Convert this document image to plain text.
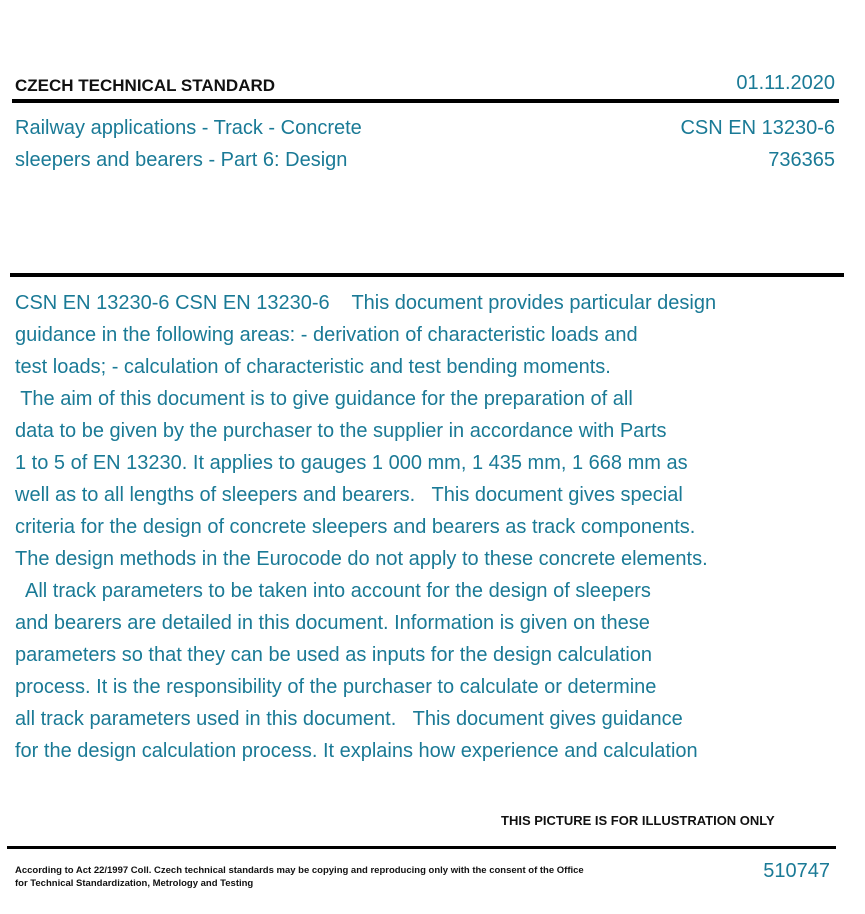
CZECH TECHNICAL STANDARD	01.11.2020
Railway applications - Track - Concrete
sleepers and bearers - Part 6: Design
CSN EN 13230-6
736365
CSN EN 13230-6 CSN EN 13230-6    This document provides particular design
guidance in the following areas: - derivation of characteristic loads and
test loads; - calculation of characteristic and test bending moments.
The aim of this document is to give guidance for the preparation of all
data to be given by the purchaser to the supplier in accordance with Parts
1 to 5 of EN 13230. It applies to gauges 1 000 mm, 1 435 mm, 1 668 mm as
well as to all lengths of sleepers and bearers.   This document gives special
criteria for the design of concrete sleepers and bearers as track components.
The design methods in the Eurocode do not apply to these concrete elements.
All track parameters to be taken into account for the design of sleepers
and bearers are detailed in this document. Information is given on these
parameters so that they can be used as inputs for the design calculation
process. It is the responsibility of the purchaser to calculate or determine
all track parameters used in this document.   This document gives guidance
for the design calculation process. It explains how experience and calculation
THIS PICTURE IS FOR ILLUSTRATION ONLY
According to Act 22/1997 Coll. Czech technical standards may be copying and reproducing only with the consent of the Office
for Technical Standardization, Metrology and Testing
510747
